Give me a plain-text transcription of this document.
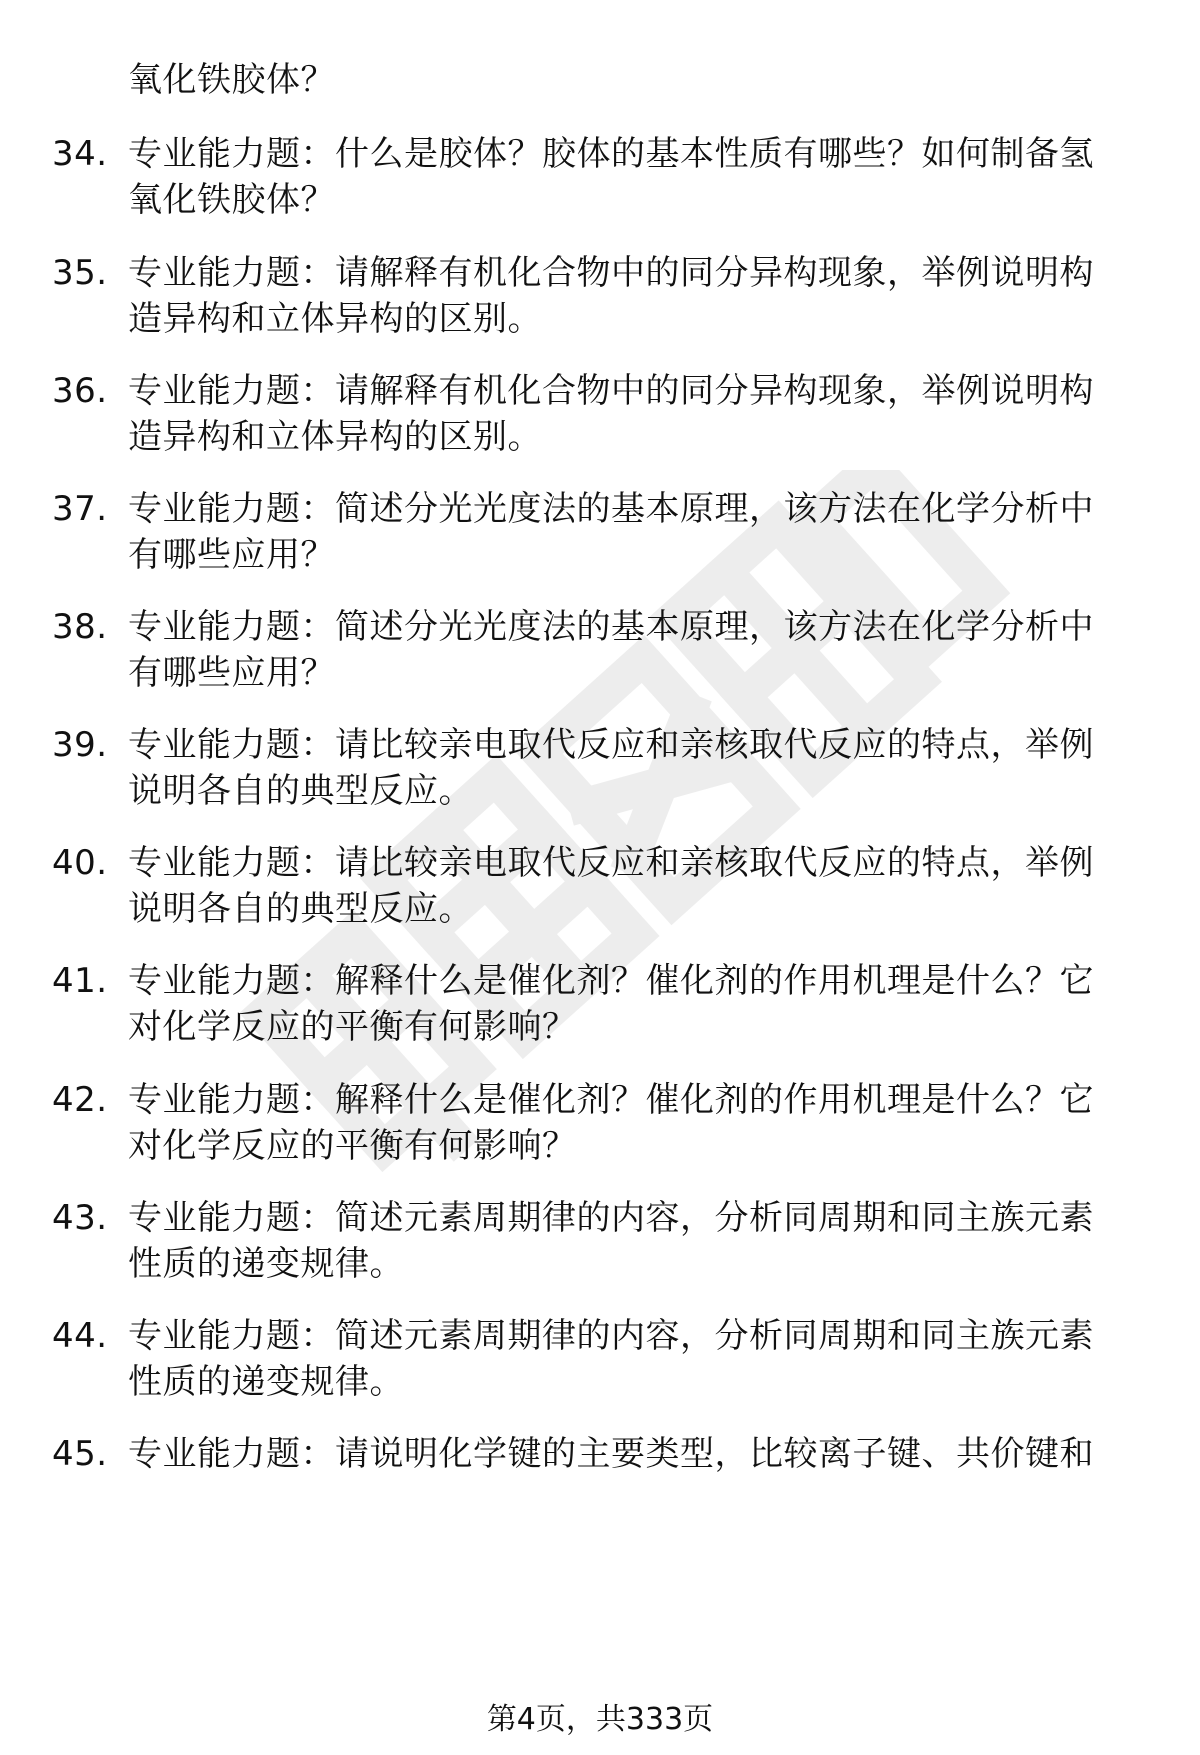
氧化铁胶体？
34. 专业能力题：什么是胶体？胶体的基本性质有哪些？如何制备氢
氧化铁胶体？
35. 专业能力题：请解释有机化合物中的同分异构现象，举例说明构
造异构和立体异构的区别。
36. 专业能力题：请解释有机化合物中的同分异构现象，举例说明构
造异构和立体异构的区别。
37. 专业能力题：简述分光光度法的基本原理，该方法在化学分析中
有哪些应用？
38. 专业能力题：简述分光光度法的基本原理，该方法在化学分析中
有哪些应用？
39. 专业能力题：请比较亲电取代反应和亲核取代反应的特点，举例
说明各自的典型反应。
40. 专业能力题：请比较亲电取代反应和亲核取代反应的特点，举例
说明各自的典型反应。
41. 专业能力题：解释什么是催化剂？催化剂的作用机理是什么？它
对化学反应的平衡有何影响？
42. 专业能力题：解释什么是催化剂？催化剂的作用机理是什么？它
对化学反应的平衡有何影响？
43. 专业能力题：简述元素周期律的内容，分析同周期和同主族元素
性质的递变规律。
44. 专业能力题：简述元素周期律的内容，分析同周期和同主族元素
性质的递变规律。
45. 专业能力题：请说明化学键的主要类型，比较离子键、共价键和
第4页，共333页
